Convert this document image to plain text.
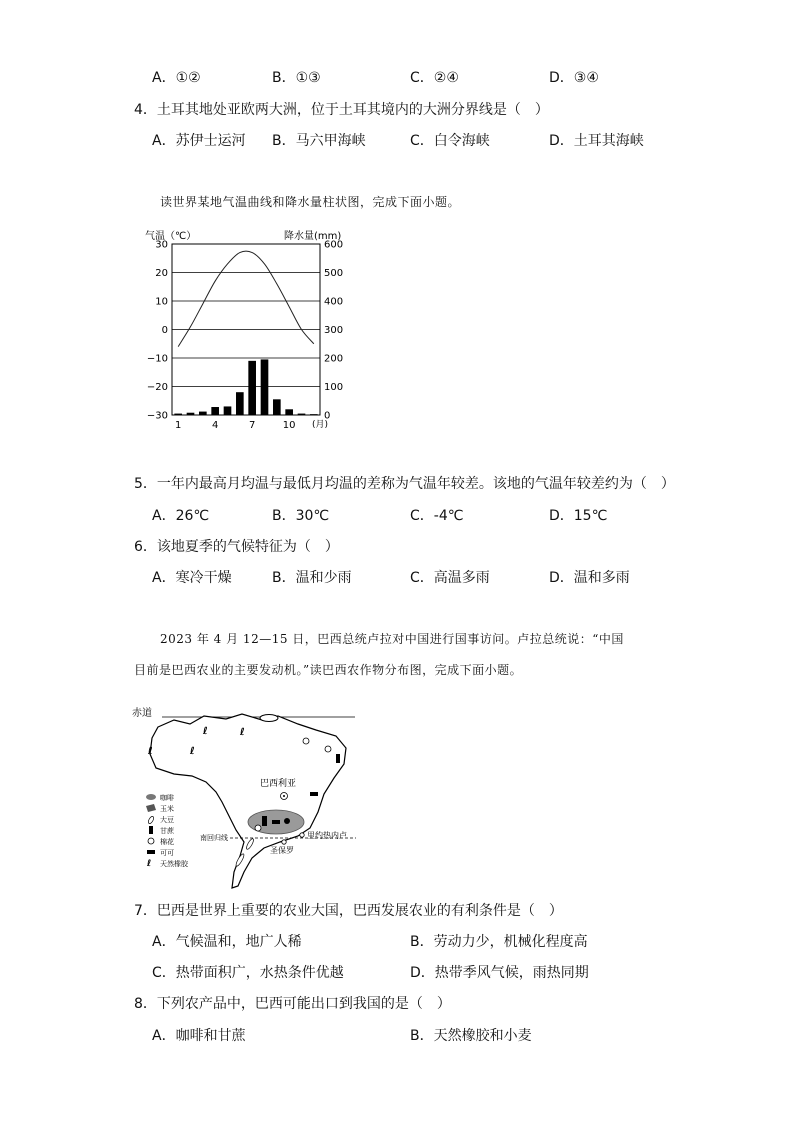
A．①②	B．①③	C．②④	D．③④
4．土耳其地处亚欧两大洲，位于土耳其境内的大洲分界线是（　）
A．苏伊士运河 B．马六甲海峡	C．白令海峡	D．土耳其海峡
读世界某地气温曲线和降水量柱状图，完成下面小题。
气温（℃）	降水量(mm)
30
20
10
0
−10
−20
−30
600
500
400
300
200
100
0
1	4	7	10 (月)
5．一年内最高月均温与最低月均温的差称为气温年较差。该地的气温年较差约为（　）
A．26℃	B．30℃	C．-4℃	D．15℃
6．该地夏季的气候特征为（　）
A．寒冷干燥	B．温和少雨	C．高温多雨	D．温和多雨
2023 年 4 月 12—15 日，巴西总统卢拉对中国进行国事访问。卢拉总统说：“中国
目前是巴西农业的主要发动机。”读巴西农作物分布图，完成下面小题。
赤道
南回归线
巴西利亚
里约热内卢
圣保罗
ℓ	ℓ
ℓ	ℓ
咖啡
玉米
大豆
甘蔗
棉花
可可
ℓ 天然橡胶
7．巴西是世界上重要的农业大国，巴西发展农业的有利条件是（　）
A．气候温和，地广人稀	B．劳动力少，机械化程度高
C．热带面积广，水热条件优越	D．热带季风气候，雨热同期
8．下列农产品中，巴西可能出口到我国的是（　）
A．咖啡和甘蔗	B．天然橡胶和小麦
